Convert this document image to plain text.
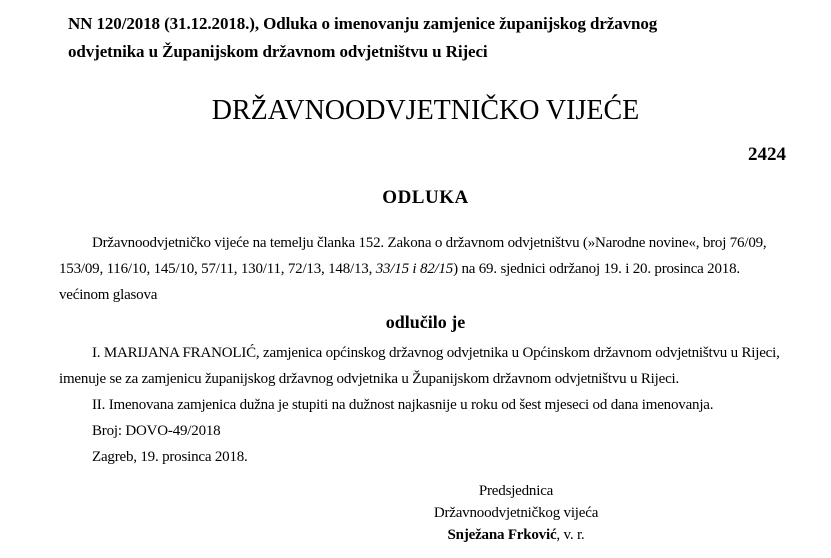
NN 120/2018 (31.12.2018.), Odluka o imenovanju zamjenice županijskog državnog
odvjetnika u Županijskom državnom odvjetništvu u Rijeci
DRŽAVNOODVJETNIČKO VIJEĆE
2424
ODLUKA
Državnoodvjetničko vijeće na temelju članka 152. Zakona o državnom odvjetništvu (»Narodne novine«, broj 76/09,
153/09, 116/10, 145/10, 57/11, 130/11, 72/13, 148/13, 33/15 i 82/15) na 69. sjednici održanoj 19. i 20. prosinca 2018.
većinom glasova

odlučilo je

I. MARIJANA FRANOLIĆ, zamjenica općinskog državnog odvjetnika u Općinskom državnom odvjetništvu u Rijeci,
imenuje se za zamjenicu županijskog državnog odvjetnika u Županijskom državnom odvjetništvu u Rijeci.
II. Imenovana zamjenica dužna je stupiti na dužnost najkasnije u roku od šest mjeseci od dana imenovanja.
Broj: DOVO-49/2018
Zagreb, 19. prosinca 2018.

Predsjednica

Državnoodvjetničkog vijeća

Snježana Frković, v. r.
